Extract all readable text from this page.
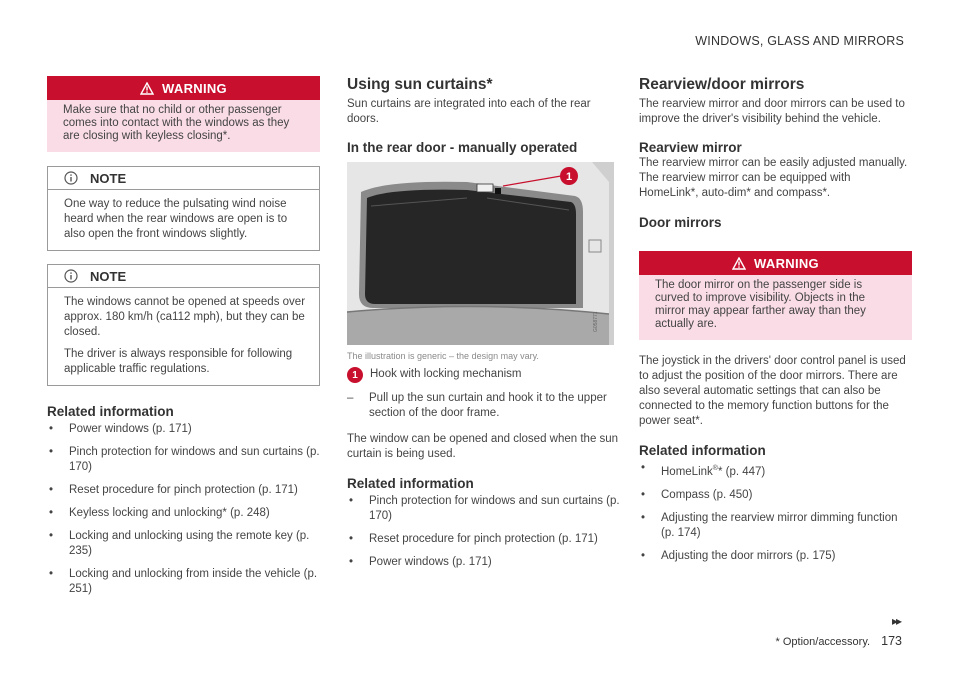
WINDOWS, GLASS AND MIRRORS
WARNING
Make sure that no child or other passenger comes into contact with the windows as they are closing with keyless closing*.
NOTE

One way to reduce the pulsating wind noise heard when the rear windows are open is to also open the front windows slightly.

NOTE

The windows cannot be opened at speeds over approx. 180 km/h (ca112 mph), but they can be closed.

The driver is always responsible for following applicable traffic regulations.

Related information
• Power windows (p. 171)
• Pinch protection for windows and sun curtains (p. 170)
• Reset procedure for pinch protection (p. 171)
• Keyless locking and unlocking* (p. 248)
• Locking and unlocking using the remote key (p. 235)
• Locking and unlocking from inside the vehicle (p. 251)
Using sun curtains*

Sun curtains are integrated into each of the rear doors.

In the rear door - manually operated
1
G058771
The illustration is generic – the design may vary.
1	Hook with locking mechanism
–	Pull up the sun curtain and hook it to the upper section of the door frame.

The window can be opened and closed when the sun curtain is being used.

Related information
• Pinch protection for windows and sun curtains (p. 170)
• Reset procedure for pinch protection (p. 171)
• Power windows (p. 171)
Rearview/door mirrors

The rearview mirror and door mirrors can be used to improve the driver's visibility behind the vehicle.

Rearview mirror

The rearview mirror can be easily adjusted manually. The rearview mirror can be equipped with HomeLink*, auto-dim* and compass*.

Door mirrors
WARNING
The door mirror on the passenger side is curved to improve visibility. Objects in the mirror may appear farther away than they actually are.

The joystick in the drivers' door control panel is used to adjust the position of the door mirrors. There are also several automatic settings that can also be connected to the memory function buttons for the power seat*.

Related information
• HomeLink®* (p. 447)
• Compass (p. 450)
• Adjusting the rearview mirror dimming function (p. 174)
• Adjusting the door mirrors (p. 175)
▸▸
* Option/accessory. 173
